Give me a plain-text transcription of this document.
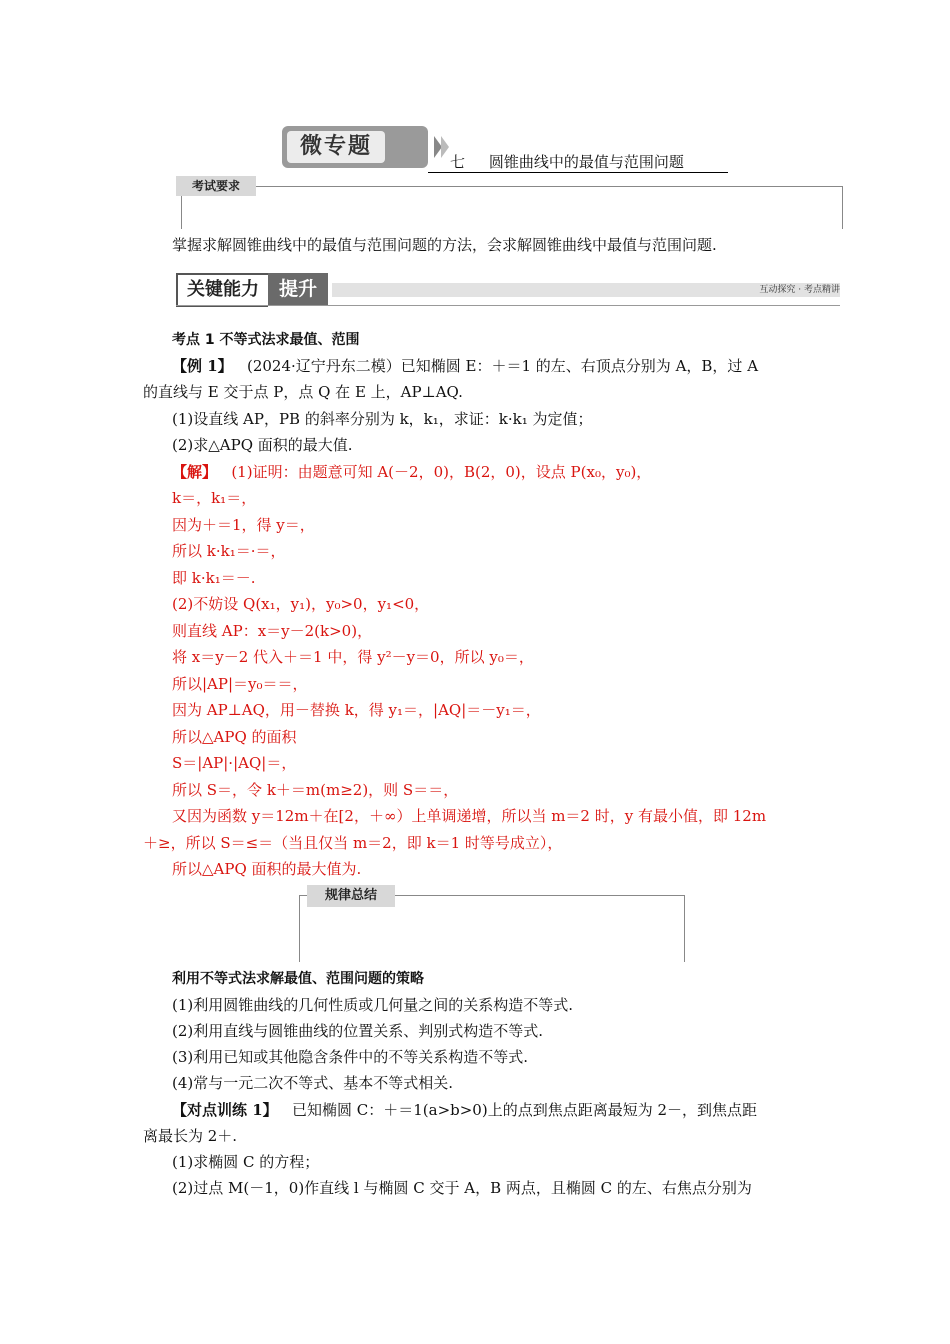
微专题
七 圆锥曲线中的最值与范围问题
考试要求
掌握求解圆锥曲线中的最值与范围问题的方法，会求解圆锥曲线中最值与范围问题.
关键能力	提升	互动探究 · 考点精讲
考点 1 不等式法求最值、范围
【例 1】 (2024·辽宁丹东二模）已知椭圆 E：＋＝1 的左、右顶点分别为 A，B，过 A
的直线与 E 交于点 P，点 Q 在 E 上，AP⊥AQ.
(1)设直线 AP，PB 的斜率分别为 k，k₁，求证：k·k₁ 为定值；
(2)求△APQ 面积的最大值.
【解】 (1)证明：由题意可知 A(－2，0)，B(2，0)，设点 P(x₀，y₀)，
k＝，k₁＝，
因为＋＝1，得 y＝，
所以 k·k₁＝·＝，
即 k·k₁＝－.
(2)不妨设 Q(x₁，y₁)，y₀>0，y₁<0，
则直线 AP：x＝y－2(k>0)，
将 x＝y－2 代入＋＝1 中，得 y²－y＝0，所以 y₀＝，
所以|AP|＝y₀＝＝，
因为 AP⊥AQ，用－替换 k，得 y₁＝，|AQ|＝－y₁＝，
所以△APQ 的面积
S＝|AP|·|AQ|＝，
所以 S＝，令 k＋＝m(m≥2)，则 S＝＝，
又因为函数 y＝12m＋在[2，＋∞）上单调递增，所以当 m＝2 时，y 有最小值，即 12m
＋≥，所以 S＝≤＝（当且仅当 m＝2，即 k＝1 时等号成立），
所以△APQ 面积的最大值为.
规律总结
利用不等式法求解最值、范围问题的策略
(1)利用圆锥曲线的几何性质或几何量之间的关系构造不等式.
(2)利用直线与圆锥曲线的位置关系、判别式构造不等式.
(3)利用已知或其他隐含条件中的不等关系构造不等式.
(4)常与一元二次不等式、基本不等式相关.
【对点训练 1】 已知椭圆 C：＋＝1(a>b>0)上的点到焦点距离最短为 2－，到焦点距
离最长为 2＋.
(1)求椭圆 C 的方程；
(2)过点 M(－1，0)作直线 l 与椭圆 C 交于 A，B 两点，且椭圆 C 的左、右焦点分别为
